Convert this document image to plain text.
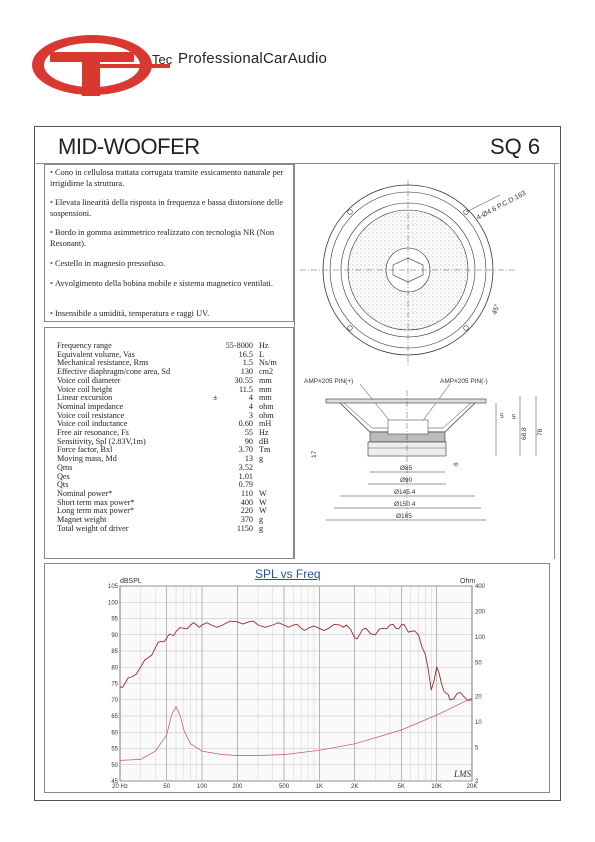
Tec ProfessionalCarAudio
MID-WOOFER	SQ 6
• Cono in cellulosa trattata corrugata tramite essicamento naturale per irrigidirne la struttura.
• Elevata linearità della risposta in frequenza e bassa distorsione delle sospensioni.
• Bordo in gomma asimmetrico realizzato con tecnologia NR (Non Resonant).
• Cestello in magnesio pressofuso.
• Avvolgimento della bobina mobile e sistema magnetico ventilati.
• Insensibile a umidità, temperatura e raggi UV.
Frequency range	55-8000 Hz
Equivalent volume, Vas	16.5 L
Mechanical resistance, Rms	1.5 Ns/m
Effective diaphragm/cone area, Sd	130 cm2
Voice coil diameter	30.55 mm
Voice coil height	11.5 mm
Linear excursion	±	4 mm
Nominal impedance	4 ohm
Voice coil resistance	3 ohm
Voice coil inductance	0.60 mH
Free air resonance, Fs	55 Hz
Sensitivity, Spl (2.83V,1m)	90 dB
Force factor, Bxl	3.70 Tm
Moving mass, Md	13 g
Qms	3.52
Qes	1.01
Qts	0.79
Nominal power*	110 W
Short term max power*	400 W
Long term max power*	220 W
Magnet weight	370 g
Total weight of driver	1150 g
4-Ø4.6 P.C.D.163
45°
AMP#205 PIN(+)	AMP#205 PIN(-)
5 5
68.8 78
17
6
Ø85
Ø90
Ø145.4
Ø150.4
Ø165
SPL vs Freq
105
100
95
90
85
80
75
70
65
60
55
50
45
400
200
100
50
20
10
5
2
20 Hz	50	100	200	500	1K	2K	5K	10K	20K
dBSPL	Ohm
LMS
